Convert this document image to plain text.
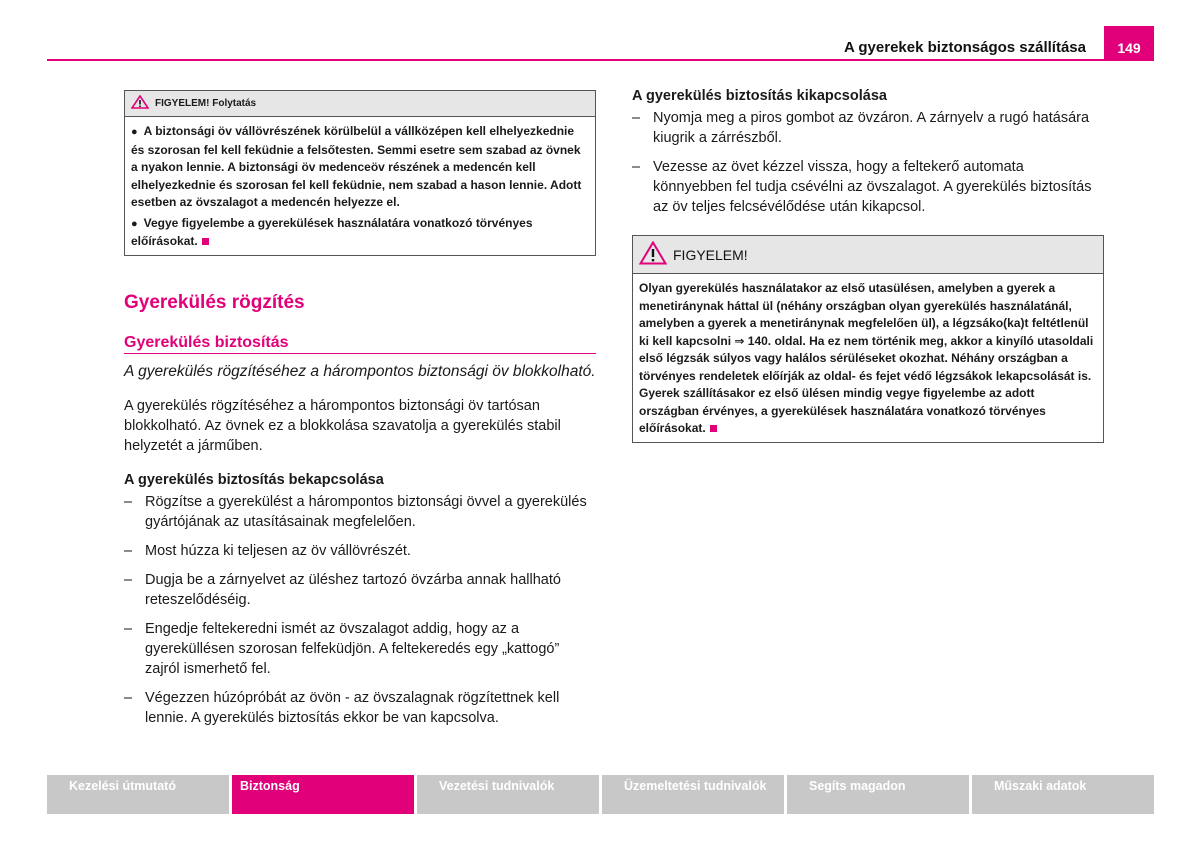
A gyerekek biztonságos szállítása	149
FIGYELEM! Folytatás

● A biztonsági öv vállövrészének körülbelül a vállközépen kell elhelyezkednie és szorosan fel kell feküdnie a felsőtesten. Semmi esetre sem szabad az övnek a nyakon lennie. A biztonsági öv medenceöv részének a medencén kell elhelyezkednie és szorosan fel kell feküdnie, nem szabad a hason lennie. Adott esetben az övszalagot a medencén helyezze el.

● Vegye figyelembe a gyerekülések használatára vonatkozó törvényes előírásokat.

Gyerekülés rögzítés
Gyerekülés biztosítás

A gyerekülés rögzítéséhez a hárompontos biztonsági öv blokkolható.

A gyerekülés rögzítéséhez a hárompontos biztonsági öv tartósan blokkolható. Az övnek ez a blokkolása szavatolja a gyerekülés stabil helyzetét a járműben.

A gyerekülés biztosítás bekapcsolása

– Rögzítse a gyerekülést a hárompontos biztonsági övvel a gyerekülés gyártójának az utasításainak megfelelően.
– Most húzza ki teljesen az öv vállövrészét.
– Dugja be a zárnyelvet az üléshez tartozó övzárba annak hallható reteszelődéséig.
– Engedje feltekeredni ismét az övszalagot addig, hogy az a gyereküllésen szorosan felfeküdjön. A feltekeredés egy „kattogó” zajról ismerhető fel.
– Végezzen húzópróbát az övön - az övszalagnak rögzítettnek kell lennie. A gyerekülés biztosítás ekkor be van kapcsolva.

A gyerekülés biztosítás kikapcsolása

– Nyomja meg a piros gombot az övzáron. A zárnyelv a rugó hatására kiugrik a zárrészből.
– Vezesse az övet kézzel vissza, hogy a feltekerő automata könnyebben fel tudja csévélni az övszalagot. A gyerekülés biztosítás az öv teljes felcsévélődése után kikapcsol.
FIGYELEM!

Olyan gyerekülés használatakor az első utasülésen, amelyben a gyerek a menetiránynak háttal ül (néhány országban olyan gyerekülés használatánál, amelyben a gyerek a menetiránynak megfelelően ül), a légzsáko(ka)t feltétlenül ki kell kapcsolni ⇒ 140. oldal. Ha ez nem történik meg, akkor a kinyíló utasoldali első légzsák súlyos vagy halálos sérüléseket okozhat. Néhány országban a törvényes rendeletek előírják az oldal- és fejet védő légzsákok lekapcsolását is. Gyerek szállításakor ez első ülésen mindig vegye figyelembe az adott országban érvényes, a gyerekülések használatára vonatkozó törvényes előírásokat.

Kezelési útmutató	Biztonság	Vezetési tudnivalók	Üzemeltetési tudnivalók	Segíts magadon	Műszaki adatok
